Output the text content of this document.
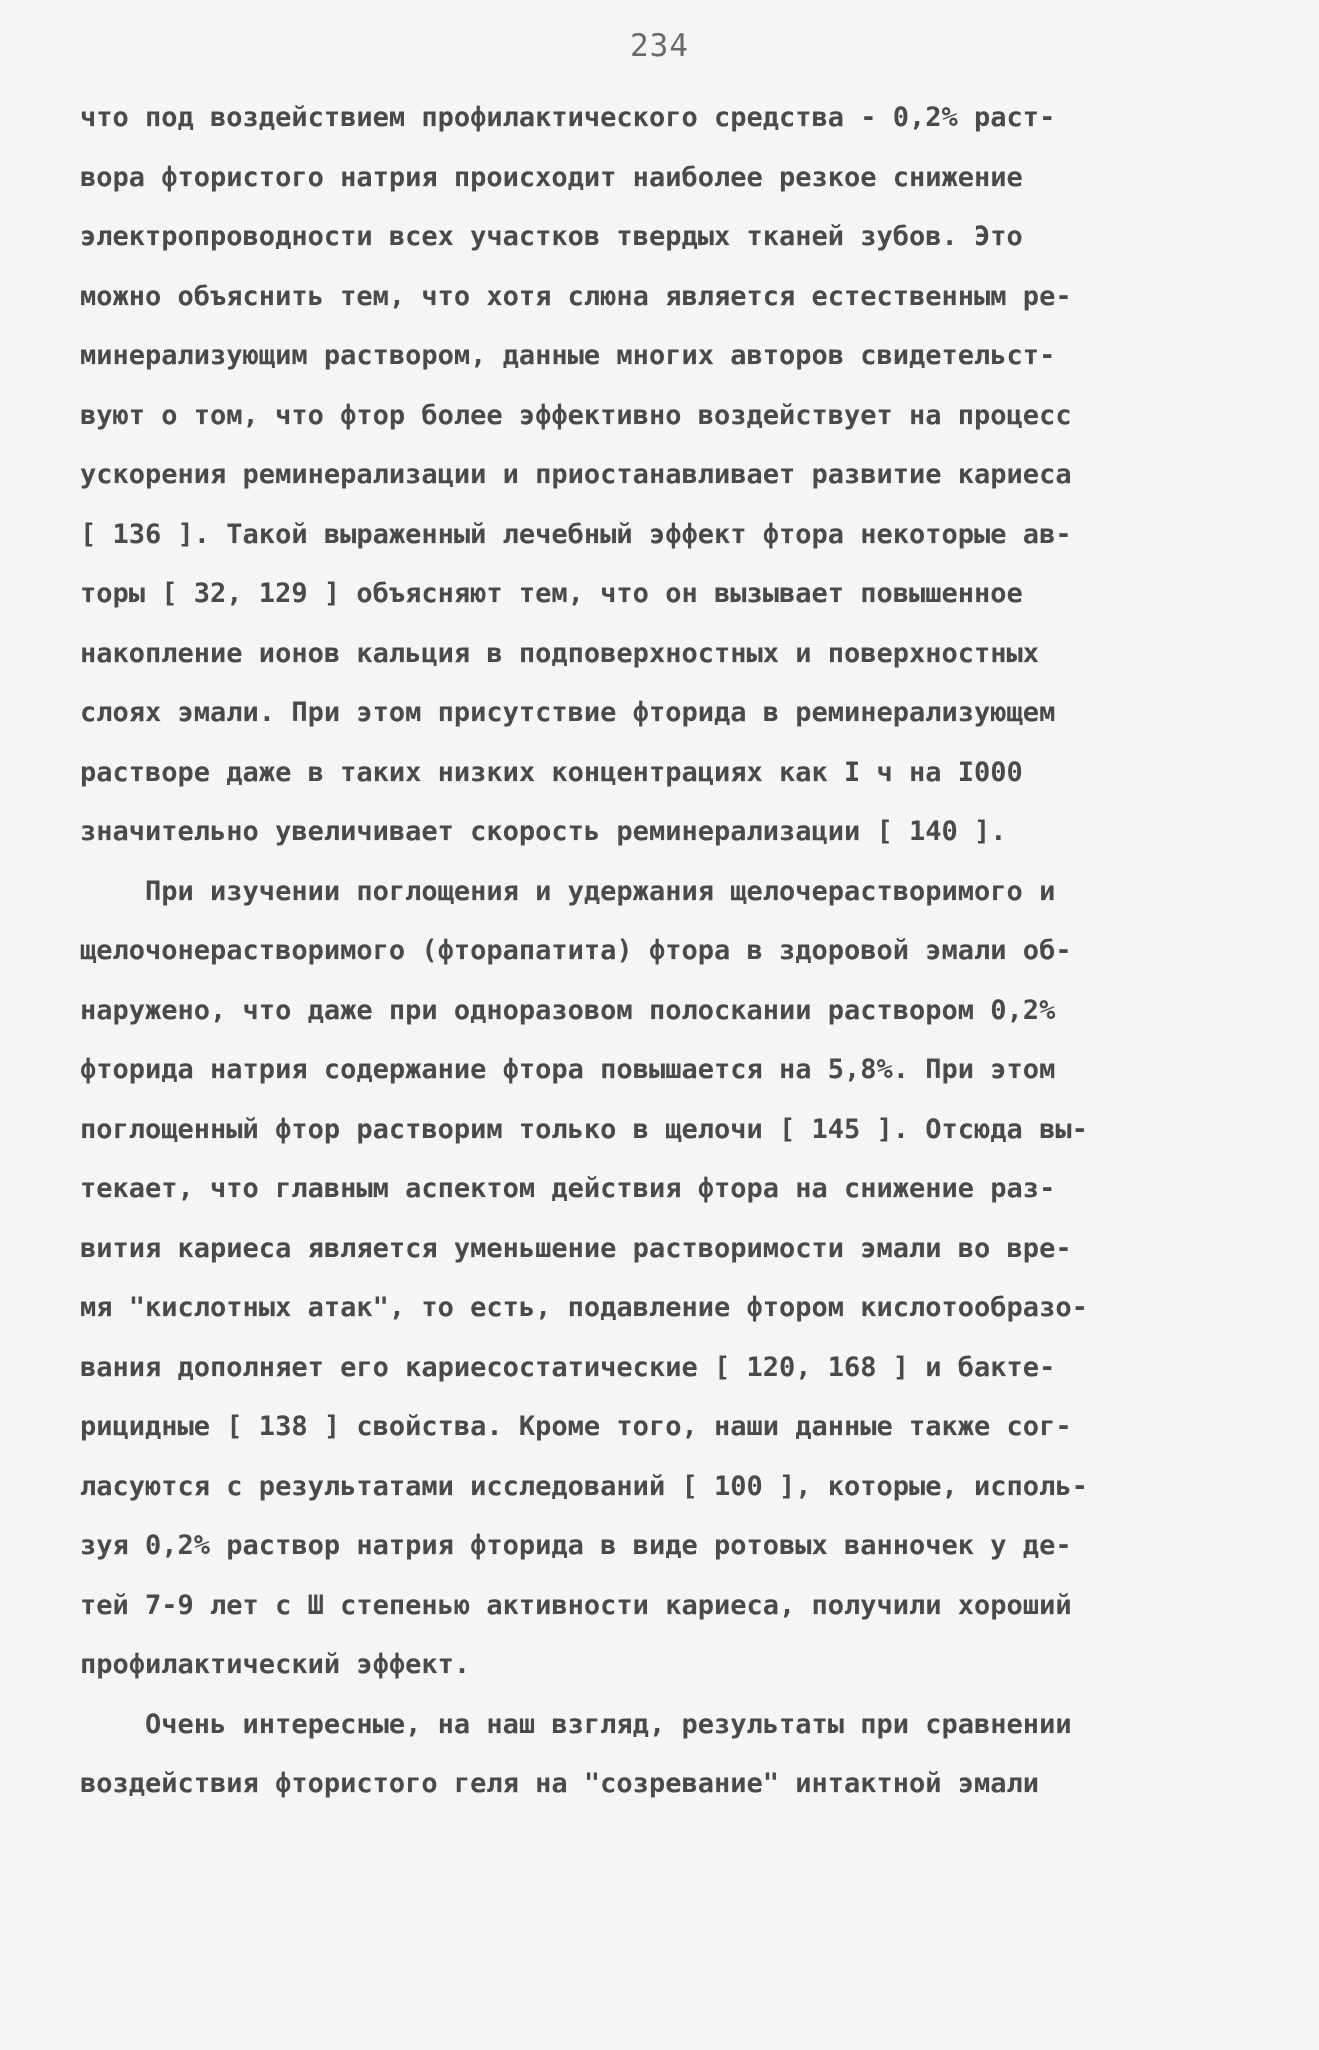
234
что под воздействием профилактического средства - 0,2% раст-
вора фтористого натрия происходит наиболее резкое снижение
электропроводности всех участков твердых тканей зубов. Это
можно объяснить тем, что хотя слюна является естественным ре-
минерализующим раствором, данные многих авторов свидетельст-
вуют о том, что фтор более эффективно воздействует на процесс
ускорения реминерализации и приостанавливает развитие кариеса
[ 136 ]. Такой выраженный лечебный эффект фтора некоторые ав-
торы [ 32, 129 ] объясняют тем, что он вызывает повышенное
накопление ионов кальция в подповерхностных и поверхностных
слоях эмали. При этом присутствие фторида в реминерализующем
растворе даже в таких низких концентрациях как I ч на I000
значительно увеличивает скорость реминерализации [ 140 ].
При изучении поглощения и удержания щелочерастворимого и
щелочонерастворимого (фторапатита) фтора в здоровой эмали об-
наружено, что даже при одноразовом полоскании раствором 0,2%
фторида натрия содержание фтора повышается на 5,8%. При этом
поглощенный фтор растворим только в щелочи [ 145 ]. Отсюда вы-
текает, что главным аспектом действия фтора на снижение раз-
вития кариеса является уменьшение растворимости эмали во вре-
мя "кислотных атак", то есть, подавление фтором кислотообразо-
вания дополняет его кариесостатические [ 120, 168 ] и бакте-
рицидные [ 138 ] свойства. Кроме того, наши данные также сог-
ласуются с результатами исследований [ 100 ], которые, исполь-
зуя 0,2% раствор натрия фторида в виде ротовых ванночек у де-
тей 7-9 лет с Ш степенью активности кариеса, получили хороший
профилактический эффект.
Очень интересные, на наш взгляд, результаты при сравнении
воздействия фтористого геля на "созревание" интактной эмали
